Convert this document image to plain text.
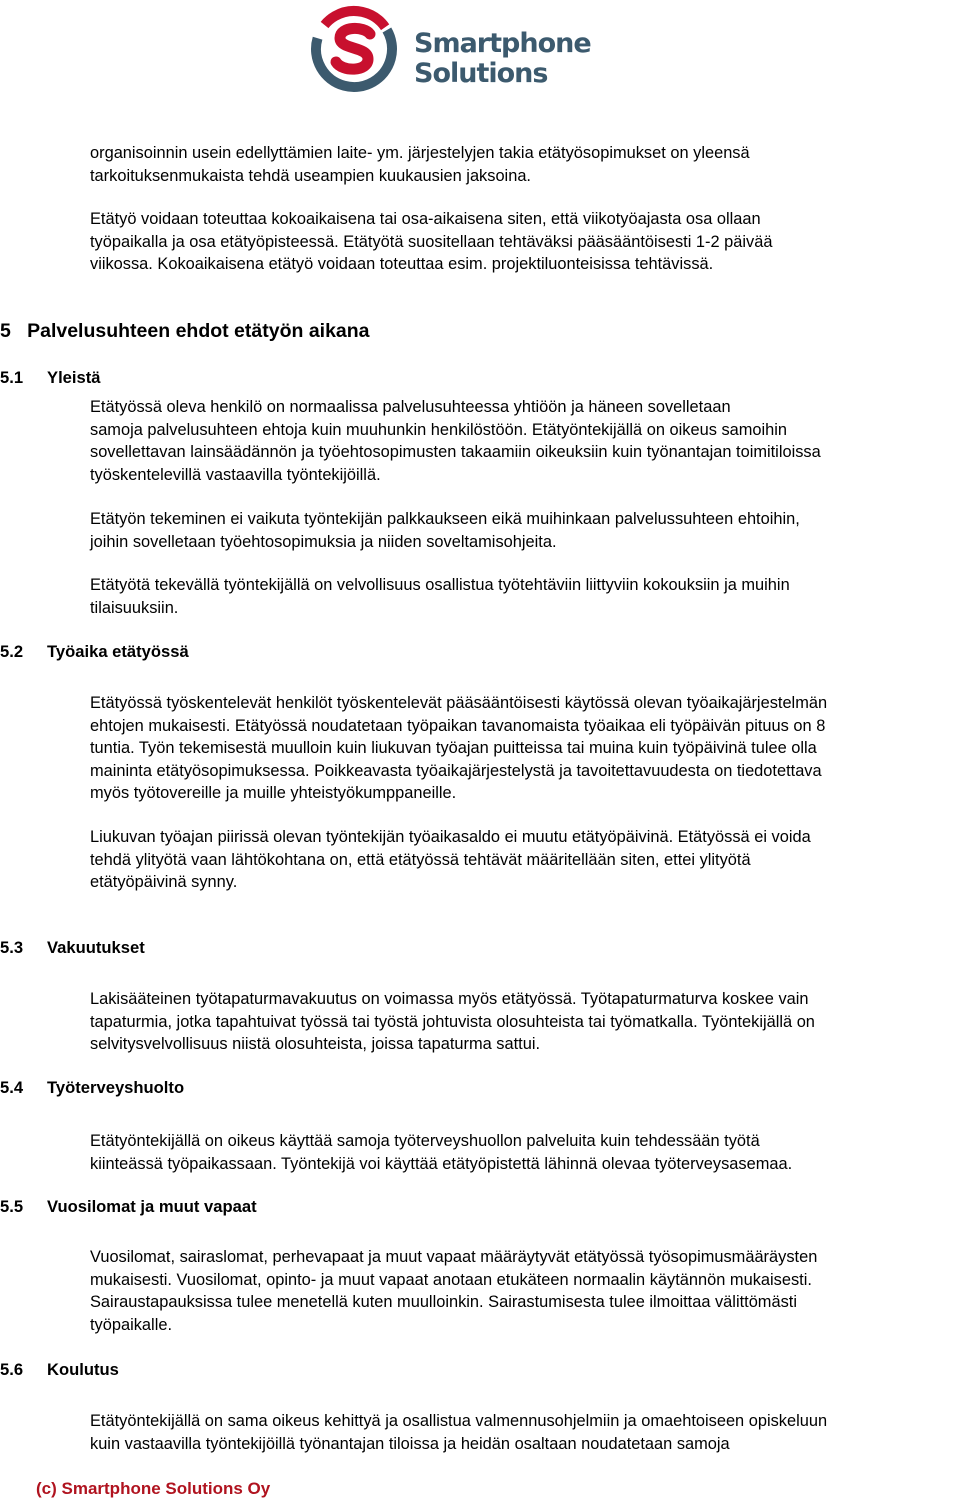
Smartphone
Solutions
organisoinnin usein edellyttämien laite- ym. järjestelyjen takia etätyösopimukset on yleensä
tarkoituksenmukaista tehdä useampien kuukausien jaksoina.
Etätyö voidaan toteuttaa kokoaikaisena tai osa-aikaisena siten, että viikotyöajasta osa ollaan
työpaikalla ja osa etätyöpisteessä. Etätyötä suositellaan tehtäväksi pääsääntöisesti 1-2 päivää
viikossa. Kokoaikaisena etätyö voidaan toteuttaa esim. projektiluonteisissa tehtävissä.
5   Palvelusuhteen ehdot etätyön aikana
5.1 Yleistä
Etätyössä oleva henkilö on normaalissa palvelusuhteessa yhtiöön ja häneen sovelletaan
samoja palvelusuhteen ehtoja kuin muuhunkin henkilöstöön. Etätyöntekijällä on oikeus samoihin
sovellettavan lainsäädännön ja työehtosopimusten takaamiin oikeuksiin kuin työnantajan toimitiloissa
työskentelevillä vastaavilla työntekijöillä.
Etätyön tekeminen ei vaikuta työntekijän palkkaukseen eikä muihinkaan palvelussuhteen ehtoihin,
joihin sovelletaan työehtosopimuksia ja niiden soveltamisohjeita.
Etätyötä tekevällä työntekijällä on velvollisuus osallistua työtehtäviin liittyviin kokouksiin ja muihin
tilaisuuksiin.
5.2 Työaika etätyössä
Etätyössä työskentelevät henkilöt työskentelevät pääsääntöisesti käytössä olevan työaikajärjestelmän
ehtojen mukaisesti. Etätyössä noudatetaan työpaikan tavanomaista työaikaa eli työpäivän pituus on 8
tuntia. Työn tekemisestä muulloin kuin liukuvan työajan puitteissa tai muina kuin työpäivinä tulee olla
maininta etätyösopimuksessa. Poikkeavasta työaikajärjestelystä ja tavoitettavuudesta on tiedotettava
myös työtovereille ja muille yhteistyökumppaneille.
Liukuvan työajan piirissä olevan työntekijän työaikasaldo ei muutu etätyöpäivinä. Etätyössä ei voida
tehdä ylityötä vaan lähtökohtana on, että etätyössä tehtävät määritellään siten, ettei ylityötä
etätyöpäivinä synny.
5.3 Vakuutukset
Lakisääteinen työtapaturmavakuutus on voimassa myös etätyössä. Työtapaturmaturva koskee vain
tapaturmia, jotka tapahtuivat työssä tai työstä johtuvista olosuhteista tai työmatkalla. Työntekijällä on
selvitysvelvollisuus niistä olosuhteista, joissa tapaturma sattui.
5.4 Työterveyshuolto
Etätyöntekijällä on oikeus käyttää samoja työterveyshuollon palveluita kuin tehdessään työtä
kiinteässä työpaikassaan. Työntekijä voi käyttää etätyöpistettä lähinnä olevaa työterveysasemaa.
5.5 Vuosilomat ja muut vapaat
Vuosilomat, sairaslomat, perhevapaat ja muut vapaat määräytyvät etätyössä työsopimusmääräysten
mukaisesti. Vuosilomat, opinto- ja muut vapaat anotaan etukäteen normaalin käytännön mukaisesti.
Sairaustapauksissa tulee menetellä kuten muulloinkin. Sairastumisesta tulee ilmoittaa välittömästi
työpaikalle.
5.6 Koulutus
Etätyöntekijällä on sama oikeus kehittyä ja osallistua valmennusohjelmiin ja omaehtoiseen opiskeluun
kuin vastaavilla työntekijöillä työnantajan tiloissa ja heidän osaltaan noudatetaan samoja
(c) Smartphone Solutions Oy
